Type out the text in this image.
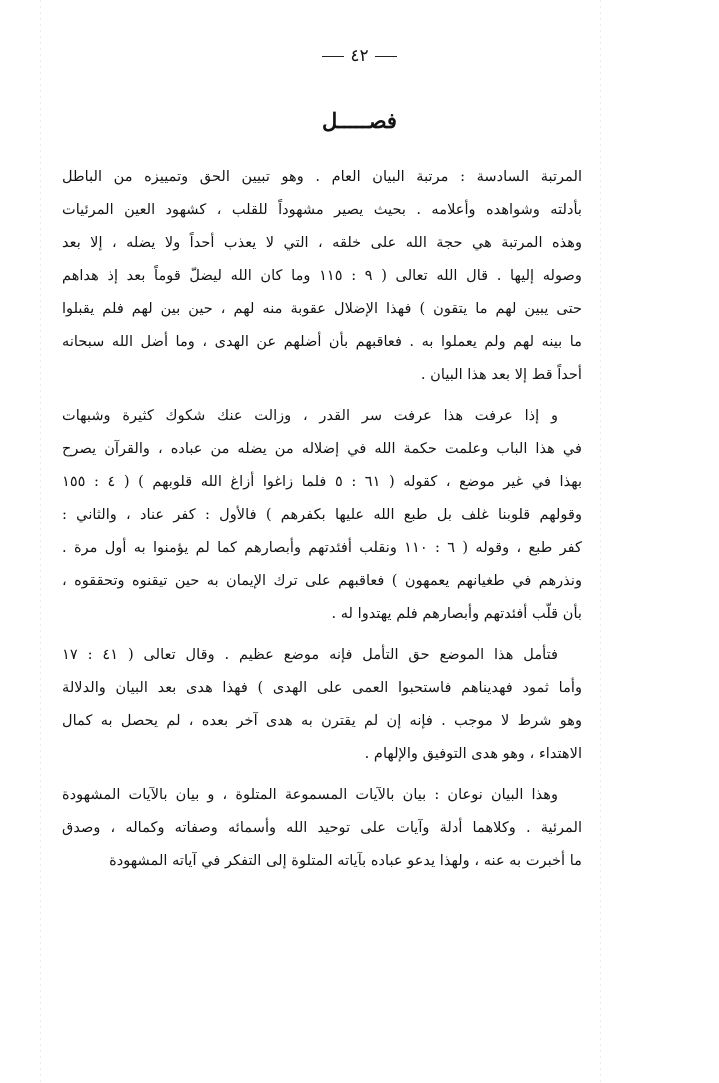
٤٢
فصـــــل
المرتبة السادسة : مرتبة البيان العام . وهو تبيين الحق وتمييزه من الباطل
بأدلته وشواهده وأعلامه . بحيث يصير مشهوداً للقلب ، كشهود العين المرئيات
وهذه المرتبة هي حجة الله على خلقه ، التي لا يعذب أحداً ولا يضله ، إلا بعد
وصوله إليها . قال الله تعالى ( ٩ : ١١٥ وما كان الله ليضلّ قوماً بعد إذ هداهم
حتى يبين لهم ما يتقون ) فهذا الإضلال عقوبة منه لهم ، حين بين لهم فلم يقبلوا
ما بينه لهم ولم يعملوا به . فعاقبهم بأن أضلهم عن الهدى ، وما أضل الله سبحانه
أحداً قط إلا بعد هذا البيان .
و إذا عرفت هذا عرفت سر القدر ، وزالت عنك شكوك كثيرة وشبهات
في هذا الباب وعلمت حكمة الله في إضلاله من يضله من عباده ، والقرآن يصرح
بهذا في غير موضع ، كقوله ( ٦١ : ٥ فلما زاغوا أزاغ الله قلوبهم ) ( ٤ : ١٥٥
وقولهم قلوبنا غلف بل طبع الله عليها بكفرهم ) فالأول : كفر عناد ، والثاني :
كفر طبع ، وقوله ( ٦ : ١١٠ ونقلب أفئدتهم وأبصارهم كما لم يؤمنوا به أول مرة .
ونذرهم في طغيانهم يعمهون ) فعاقبهم على ترك الإيمان به حين تيقنوه وتحققوه ،
بأن قلّب أفئدتهم وأبصارهم فلم يهتدوا له .
فتأمل هذا الموضع حق التأمل فإنه موضع عظيم . وقال تعالى ( ٤١ : ١٧
وأما ثمود فهديناهم فاستحبوا العمى على الهدى ) فهذا هدى بعد البيان والدلالة
وهو شرط لا موجب . فإنه إن لم يقترن به هدى آخر بعده ، لم يحصل به كمال
الاهتداء ، وهو هدى التوفيق والإلهام .
وهذا البيان نوعان : بيان بالآيات المسموعة المتلوة ، و بيان بالآيات المشهودة
المرئية . وكلاهما أدلة وآيات على توحيد الله وأسمائه وصفاته وكماله ، وصدق
ما أخبرت به عنه ، ولهذا يدعو عباده بآياته المتلوة إلى التفكر في آياته المشهودة
